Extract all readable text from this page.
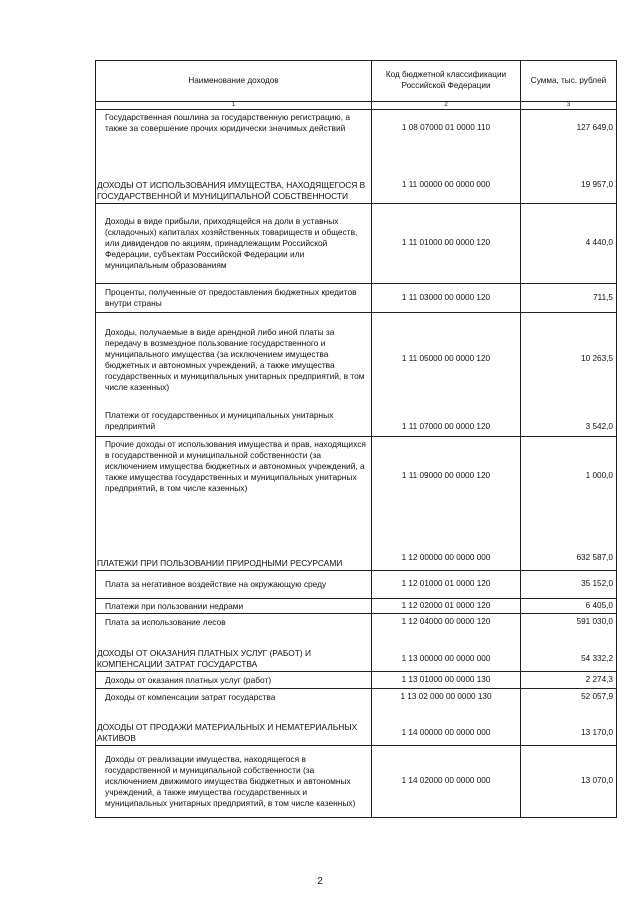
Наименование доходов	Код бюджетной классификации Российской Федерации	Сумма, тыс. рублей
1	2	3
Государственная пошлина за государственную регистрацию, а также за совершение прочих юридически значимых действий	1 08 07000 01 0000 110	127 649,0
ДОХОДЫ ОТ ИСПОЛЬЗОВАНИЯ ИМУЩЕСТВА, НАХОДЯЩЕГОСЯ В ГОСУДАРСТВЕННОЙ И МУНИЦИПАЛЬНОЙ СОБСТВЕННОСТИ	1 11 00000 00 0000 000	19 957,0
Доходы в виде прибыли, приходящейся на доли в уставных (складочных) капиталах хозяйственных товариществ и обществ, или дивидендов по акциям, принадлежащим Российской Федерации, субъектам Российской Федерации или муниципальным образованиям	1 11 01000 00 0000 120	4 440,0
Проценты, полученные от предоставления бюджетных кредитов внутри страны	1 11 03000 00 0000 120	711,5
Доходы, получаемые в виде арендной либо иной платы за передачу в возмездное пользование государственного и муниципального имущества (за исключением имущества бюджетных и автономных учреждений, а также имущества государственных и муниципальных унитарных предприятий, в том числе казенных)	1 11 05000 00 0000 120	10 263,5
Платежи от государственных и муниципальных унитарных предприятий	1 11 07000 00 0000 120	3 542,0
Прочие доходы от использования имущества и прав, находящихся в государственной и муниципальной собственности (за исключением имущества бюджетных и автономных учреждений, а также имущества государственных и муниципальных унитарных предприятий, в том числе казенных)	1 11 09000 00 0000 120	1 000,0
ПЛАТЕЖИ ПРИ ПОЛЬЗОВАНИИ ПРИРОДНЫМИ РЕСУРСАМИ	1 12 00000 00 0000 000	632 587,0
Плата за негативное воздействие на окружающую среду	1 12 01000 01 0000 120	35 152,0
Платежи при пользовании недрами	1 12 02000 01 0000 120	6 405,0
Плата за использование лесов	1 12 04000 00 0000 120	591 030,0
ДОХОДЫ ОТ ОКАЗАНИЯ ПЛАТНЫХ УСЛУГ (РАБОТ) И КОМПЕНСАЦИИ ЗАТРАТ ГОСУДАРСТВА	1 13 00000 00 0000 000	54 332,2
Доходы от оказания платных услуг (работ)	1 13 01000 00 0000 130	2 274,3
Доходы от компенсации затрат государства	1 13 02 000 00 0000 130	52 057,9
ДОХОДЫ ОТ ПРОДАЖИ МАТЕРИАЛЬНЫХ И НЕМАТЕРИАЛЬНЫХ АКТИВОВ	1 14 00000 00 0000 000	13 170,0
Доходы от реализации имущества, находящегося в государственной и муниципальной собственности (за исключением движимого имущества бюджетных и автономных учреждений, а также имущества государственных и муниципальных унитарных предприятий, в том числе казенных)	1 14 02000 00 0000 000	13 070,0
2
